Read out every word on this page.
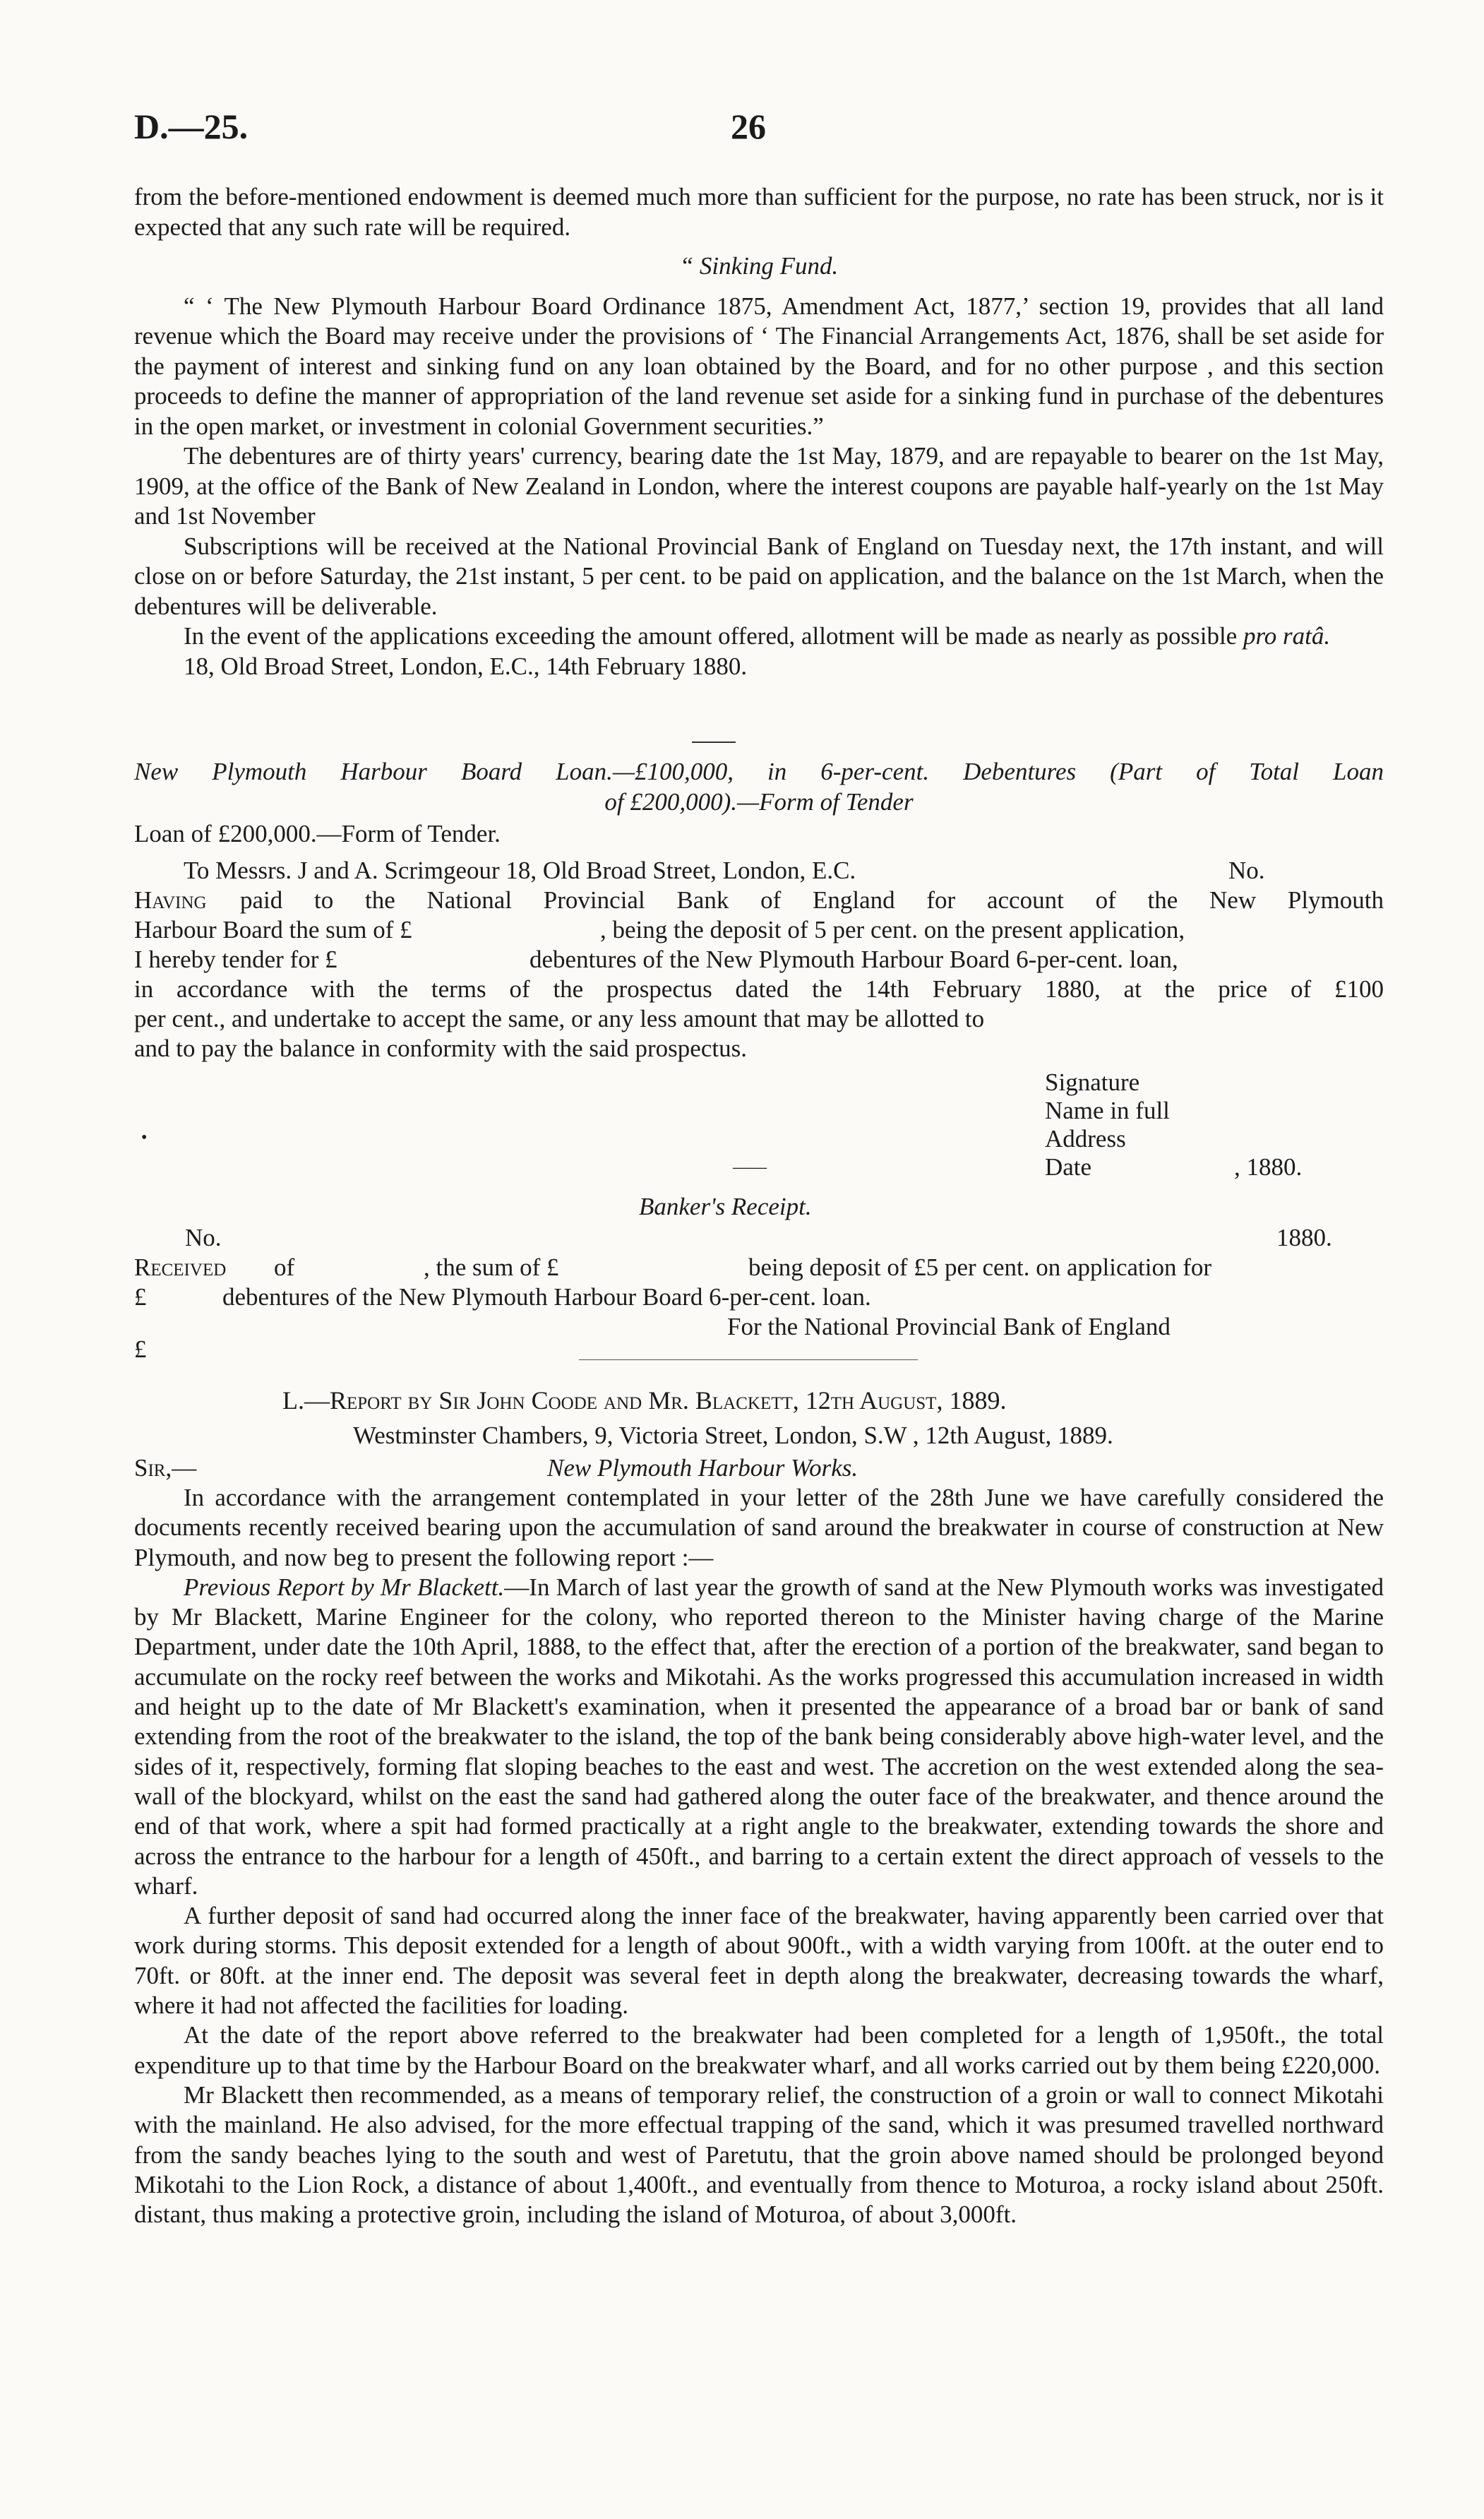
D.—25.	26

from the before-mentioned endowment is deemed much more than sufficient for the purpose, no rate has been struck, nor is it expected that any such rate will be required.

“ Sinking Fund.

“ ‘ The New Plymouth Harbour Board Ordinance 1875, Amendment Act, 1877,’ section 19, provides that all land revenue which the Board may receive under the provisions of ‘ The Financial Arrangements Act, 1876, shall be set aside for the payment of interest and sinking fund on any loan obtained by the Board, and for no other purpose , and this section proceeds to define the manner of appropriation of the land revenue set aside for a sinking fund in purchase of the debentures in the open market, or investment in colonial Government securities.”

The debentures are of thirty years' currency, bearing date the 1st May, 1879, and are repayable to bearer on the 1st May, 1909, at the office of the Bank of New Zealand in London, where the interest coupons are payable half-yearly on the 1st May and 1st November

Subscriptions will be received at the National Provincial Bank of England on Tuesday next, the 17th instant, and will close on or before Saturday, the 21st instant, 5 per cent. to be paid on application, and the balance on the 1st March, when the debentures will be deliverable.

In the event of the applications exceeding the amount offered, allotment will be made as nearly as possible pro ratâ.

18, Old Broad Street, London, E.C., 14th February 1880.

New Plymouth Harbour Board Loan.—£100,000, in 6-per-cent. Debentures (Part of Total Loan

of £200,000).—Form of Tender

Loan of £200,000.—Form of Tender.
To Messrs. J and A. Scrimgeour 18, Old Broad Street, London, E.C.	No.
Having paid to the National Provincial Bank of England for account of the New Plymouth
Harbour Board the sum of £	, being the deposit of 5 per cent. on the present application,
I hereby tender for £	debentures of the New Plymouth Harbour Board 6-per-cent. loan,
in accordance with the terms of the prospectus dated the 14th February 1880, at the price of £100
per cent., and undertake to accept the same, or any less amount that may be allotted to
and to pay the balance in conformity with the said prospectus.
Signature
Name in full
•	Address
——	Date	, 1880.
Banker's Receipt.
No.	1880.
Received of	, the sum of £	being deposit of £5 per cent. on application for
£	debentures of the New Plymouth Harbour Board 6-per-cent. loan.
For the National Provincial Bank of England
£
L.—Report by Sir John Coode and Mr. Blackett, 12th August, 1889.
Westminster Chambers, 9, Victoria Street, London, S.W , 12th August, 1889.
Sir,—	New Plymouth Harbour Works.

In accordance with the arrangement contemplated in your letter of the 28th June we have carefully considered the documents recently received bearing upon the accumulation of sand around the breakwater in course of construction at New Plymouth, and now beg to present the following report :—

Previous Report by Mr Blackett.—In March of last year the growth of sand at the New Plymouth works was investigated by Mr Blackett, Marine Engineer for the colony, who reported thereon to the Minister having charge of the Marine Department, under date the 10th April, 1888, to the effect that, after the erection of a portion of the breakwater, sand began to accumulate on the rocky reef between the works and Mikotahi. As the works progressed this accumulation increased in width and height up to the date of Mr Blackett's examination, when it presented the appearance of a broad bar or bank of sand extending from the root of the breakwater to the island, the top of the bank being considerably above high-water level, and the sides of it, respectively, forming flat sloping beaches to the east and west. The accretion on the west extended along the sea-wall of the blockyard, whilst on the east the sand had gathered along the outer face of the breakwater, and thence around the end of that work, where a spit had formed practically at a right angle to the breakwater, extending towards the shore and across the entrance to the harbour for a length of 450ft., and barring to a certain extent the direct approach of vessels to the wharf.

A further deposit of sand had occurred along the inner face of the breakwater, having apparently been carried over that work during storms. This deposit extended for a length of about 900ft., with a width varying from 100ft. at the outer end to 70ft. or 80ft. at the inner end. The deposit was several feet in depth along the breakwater, decreasing towards the wharf, where it had not affected the facilities for loading.

At the date of the report above referred to the breakwater had been completed for a length of 1,950ft., the total expenditure up to that time by the Harbour Board on the breakwater wharf, and all works carried out by them being £220,000.

Mr Blackett then recommended, as a means of temporary relief, the construction of a groin or wall to connect Mikotahi with the mainland. He also advised, for the more effectual trapping of the sand, which it was presumed travelled northward from the sandy beaches lying to the south and west of Paretutu, that the groin above named should be prolonged beyond Mikotahi to the Lion Rock, a distance of about 1,400ft., and eventually from thence to Moturoa, a rocky island about 250ft. distant, thus making a protective groin, including the island of Moturoa, of about 3,000ft.
